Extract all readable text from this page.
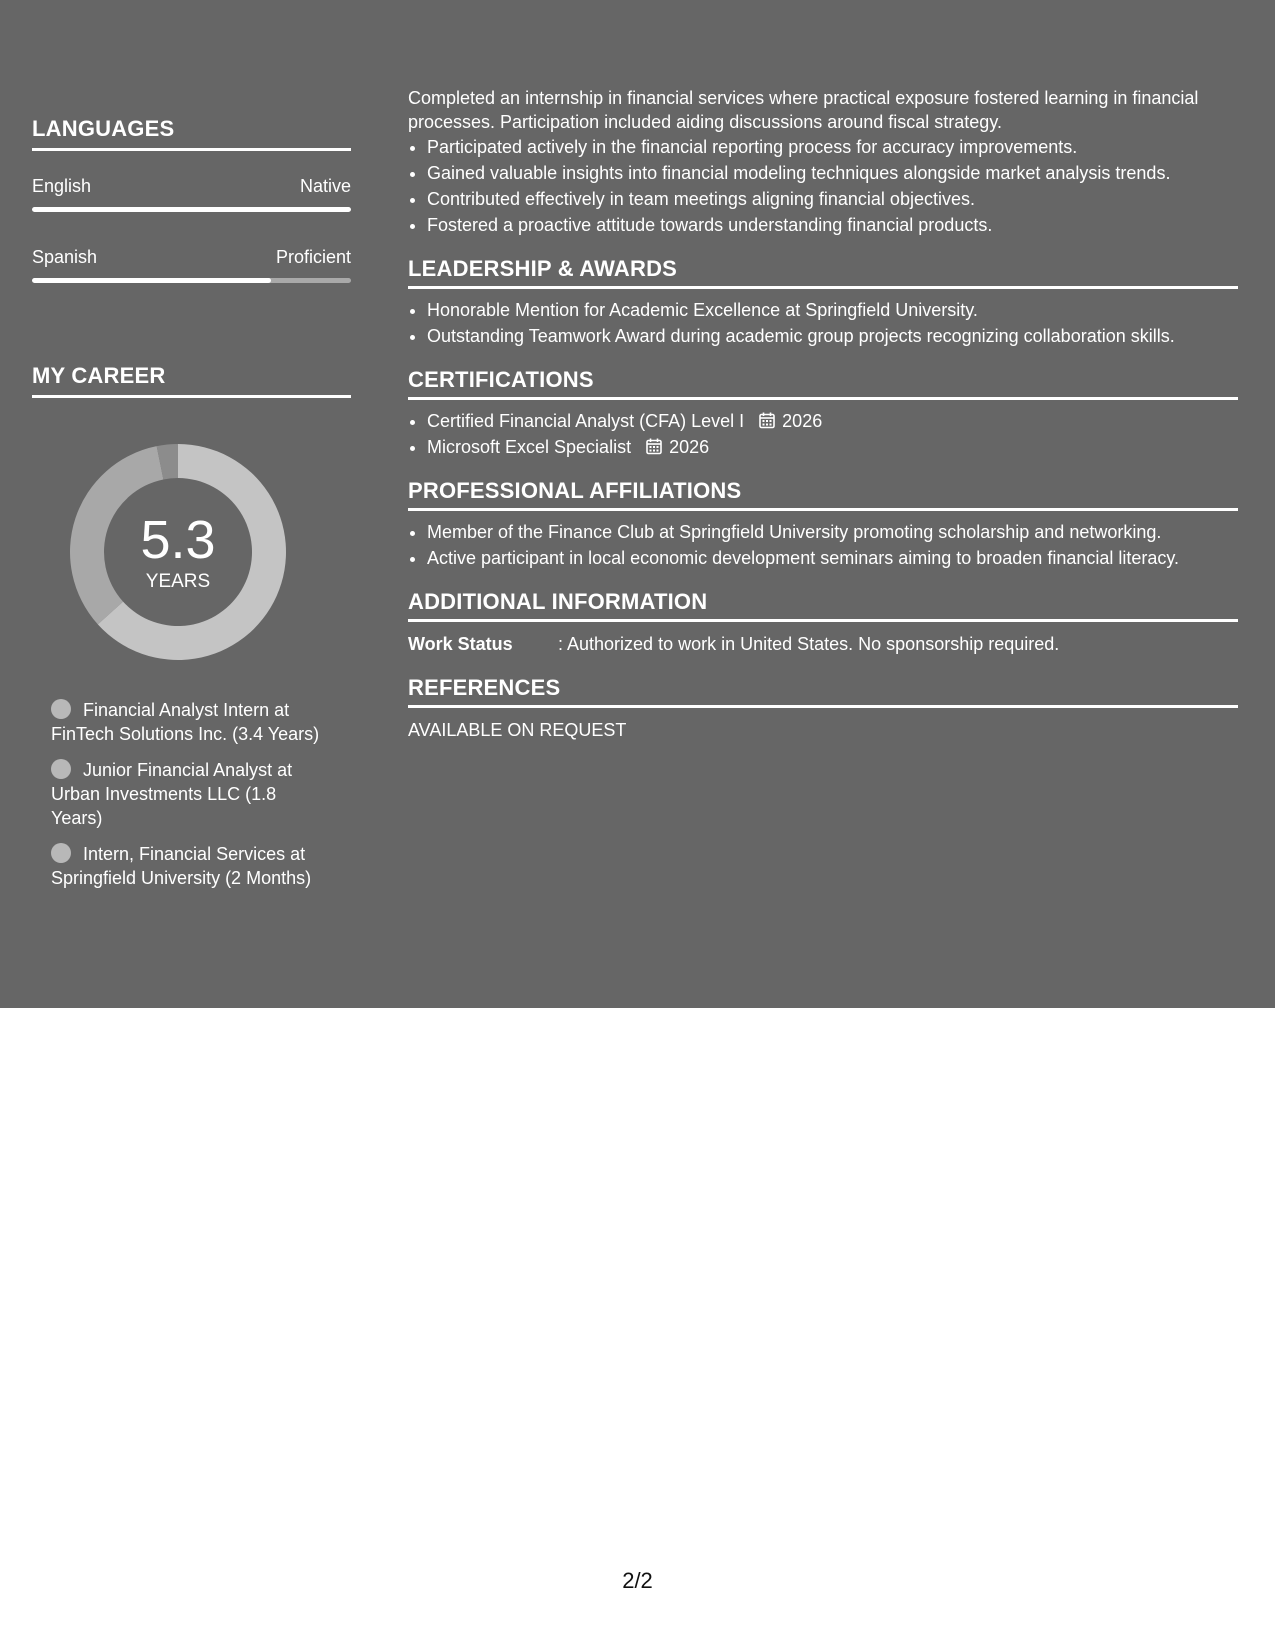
LANGUAGES
English	Native
Spanish	Proficient
MY CAREER
5.3
YEARS
Financial Analyst Intern at FinTech Solutions Inc. (3.4 Years)
Junior Financial Analyst at Urban Investments LLC (1.8 Years)
Intern, Financial Services at Springfield University (2 Months)

Completed an internship in financial services where practical exposure fostered learning in financial processes. Participation included aiding discussions around fiscal strategy.

• Participated actively in the financial reporting process for accuracy improvements.
• Gained valuable insights into financial modeling techniques alongside market analysis trends.
• Contributed effectively in team meetings aligning financial objectives.
• Fostered a proactive attitude towards understanding financial products.
LEADERSHIP & AWARDS
• Honorable Mention for Academic Excellence at Springfield University.
• Outstanding Teamwork Award during academic group projects recognizing collaboration skills.
CERTIFICATIONS
• Certified Financial Analyst (CFA) Level I 2026
• Microsoft Excel Specialist 2026
PROFESSIONAL AFFILIATIONS
• Member of the Finance Club at Springfield University promoting scholarship and networking.
• Active participant in local economic development seminars aiming to broaden financial literacy.
ADDITIONAL INFORMATION
Work Status	: Authorized to work in United States. No sponsorship required.
REFERENCES
AVAILABLE ON REQUEST
2/2
